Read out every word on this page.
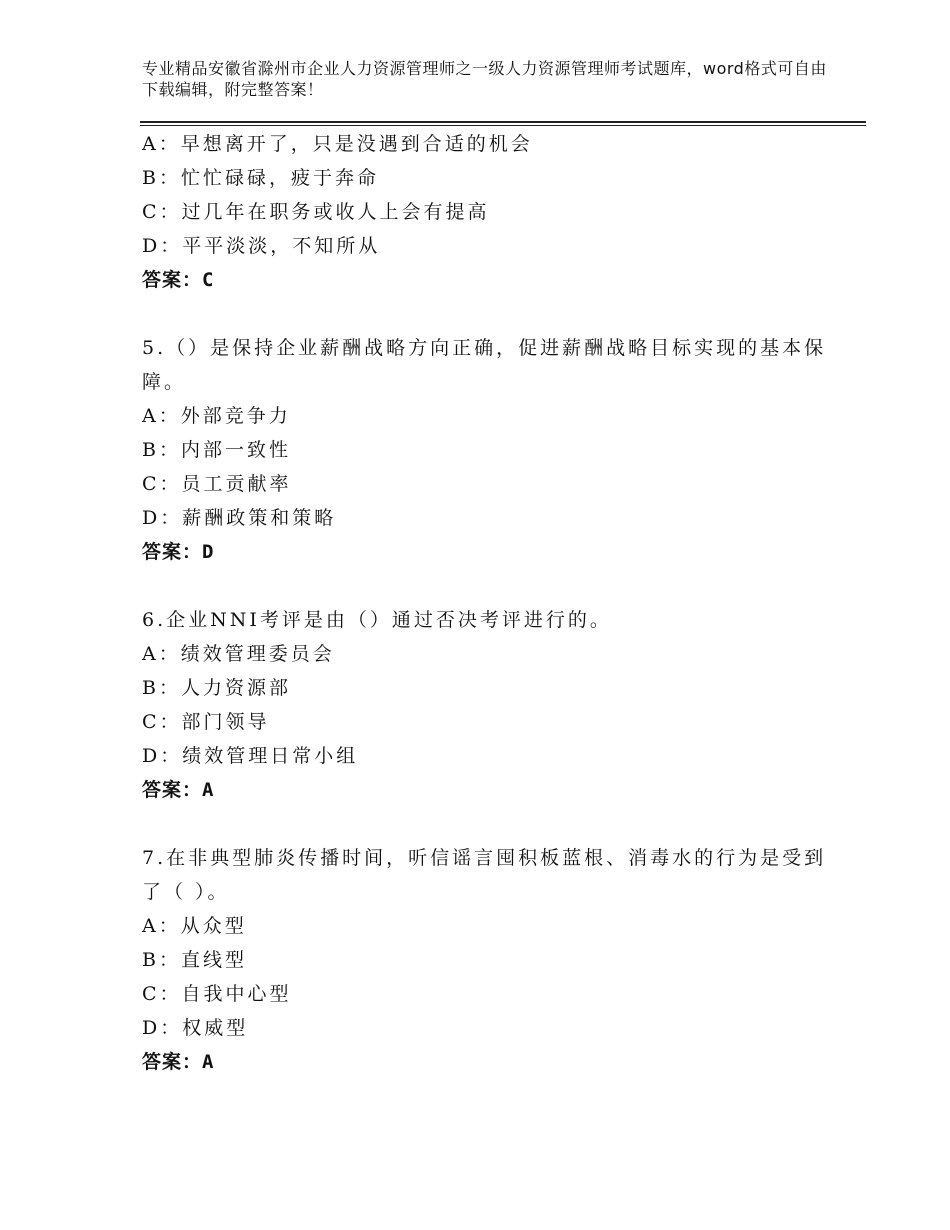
专业精品安徽省滁州市企业人力资源管理师之一级人力资源管理师考试题库，word格式可自由下载编辑，附完整答案！
A：早想离开了，只是没遇到合适的机会
B：忙忙碌碌，疲于奔命
C：过几年在职务或收人上会有提高
D：平平淡淡，不知所从
答案：C
5.（）是保持企业薪酬战略方向正确，促进薪酬战略目标实现的基本保障。
A：外部竞争力
B：内部一致性
C：员工贡献率
D：薪酬政策和策略
答案：D
6.企业NNI考评是由（）通过否决考评进行的。
A：绩效管理委员会
B：人力资源部
C：部门领导
D：绩效管理日常小组
答案：A
7.在非典型肺炎传播时间，听信谣言囤积板蓝根、消毒水的行为是受到了（ ）。
A：从众型
B：直线型
C：自我中心型
D：权威型
答案：A
